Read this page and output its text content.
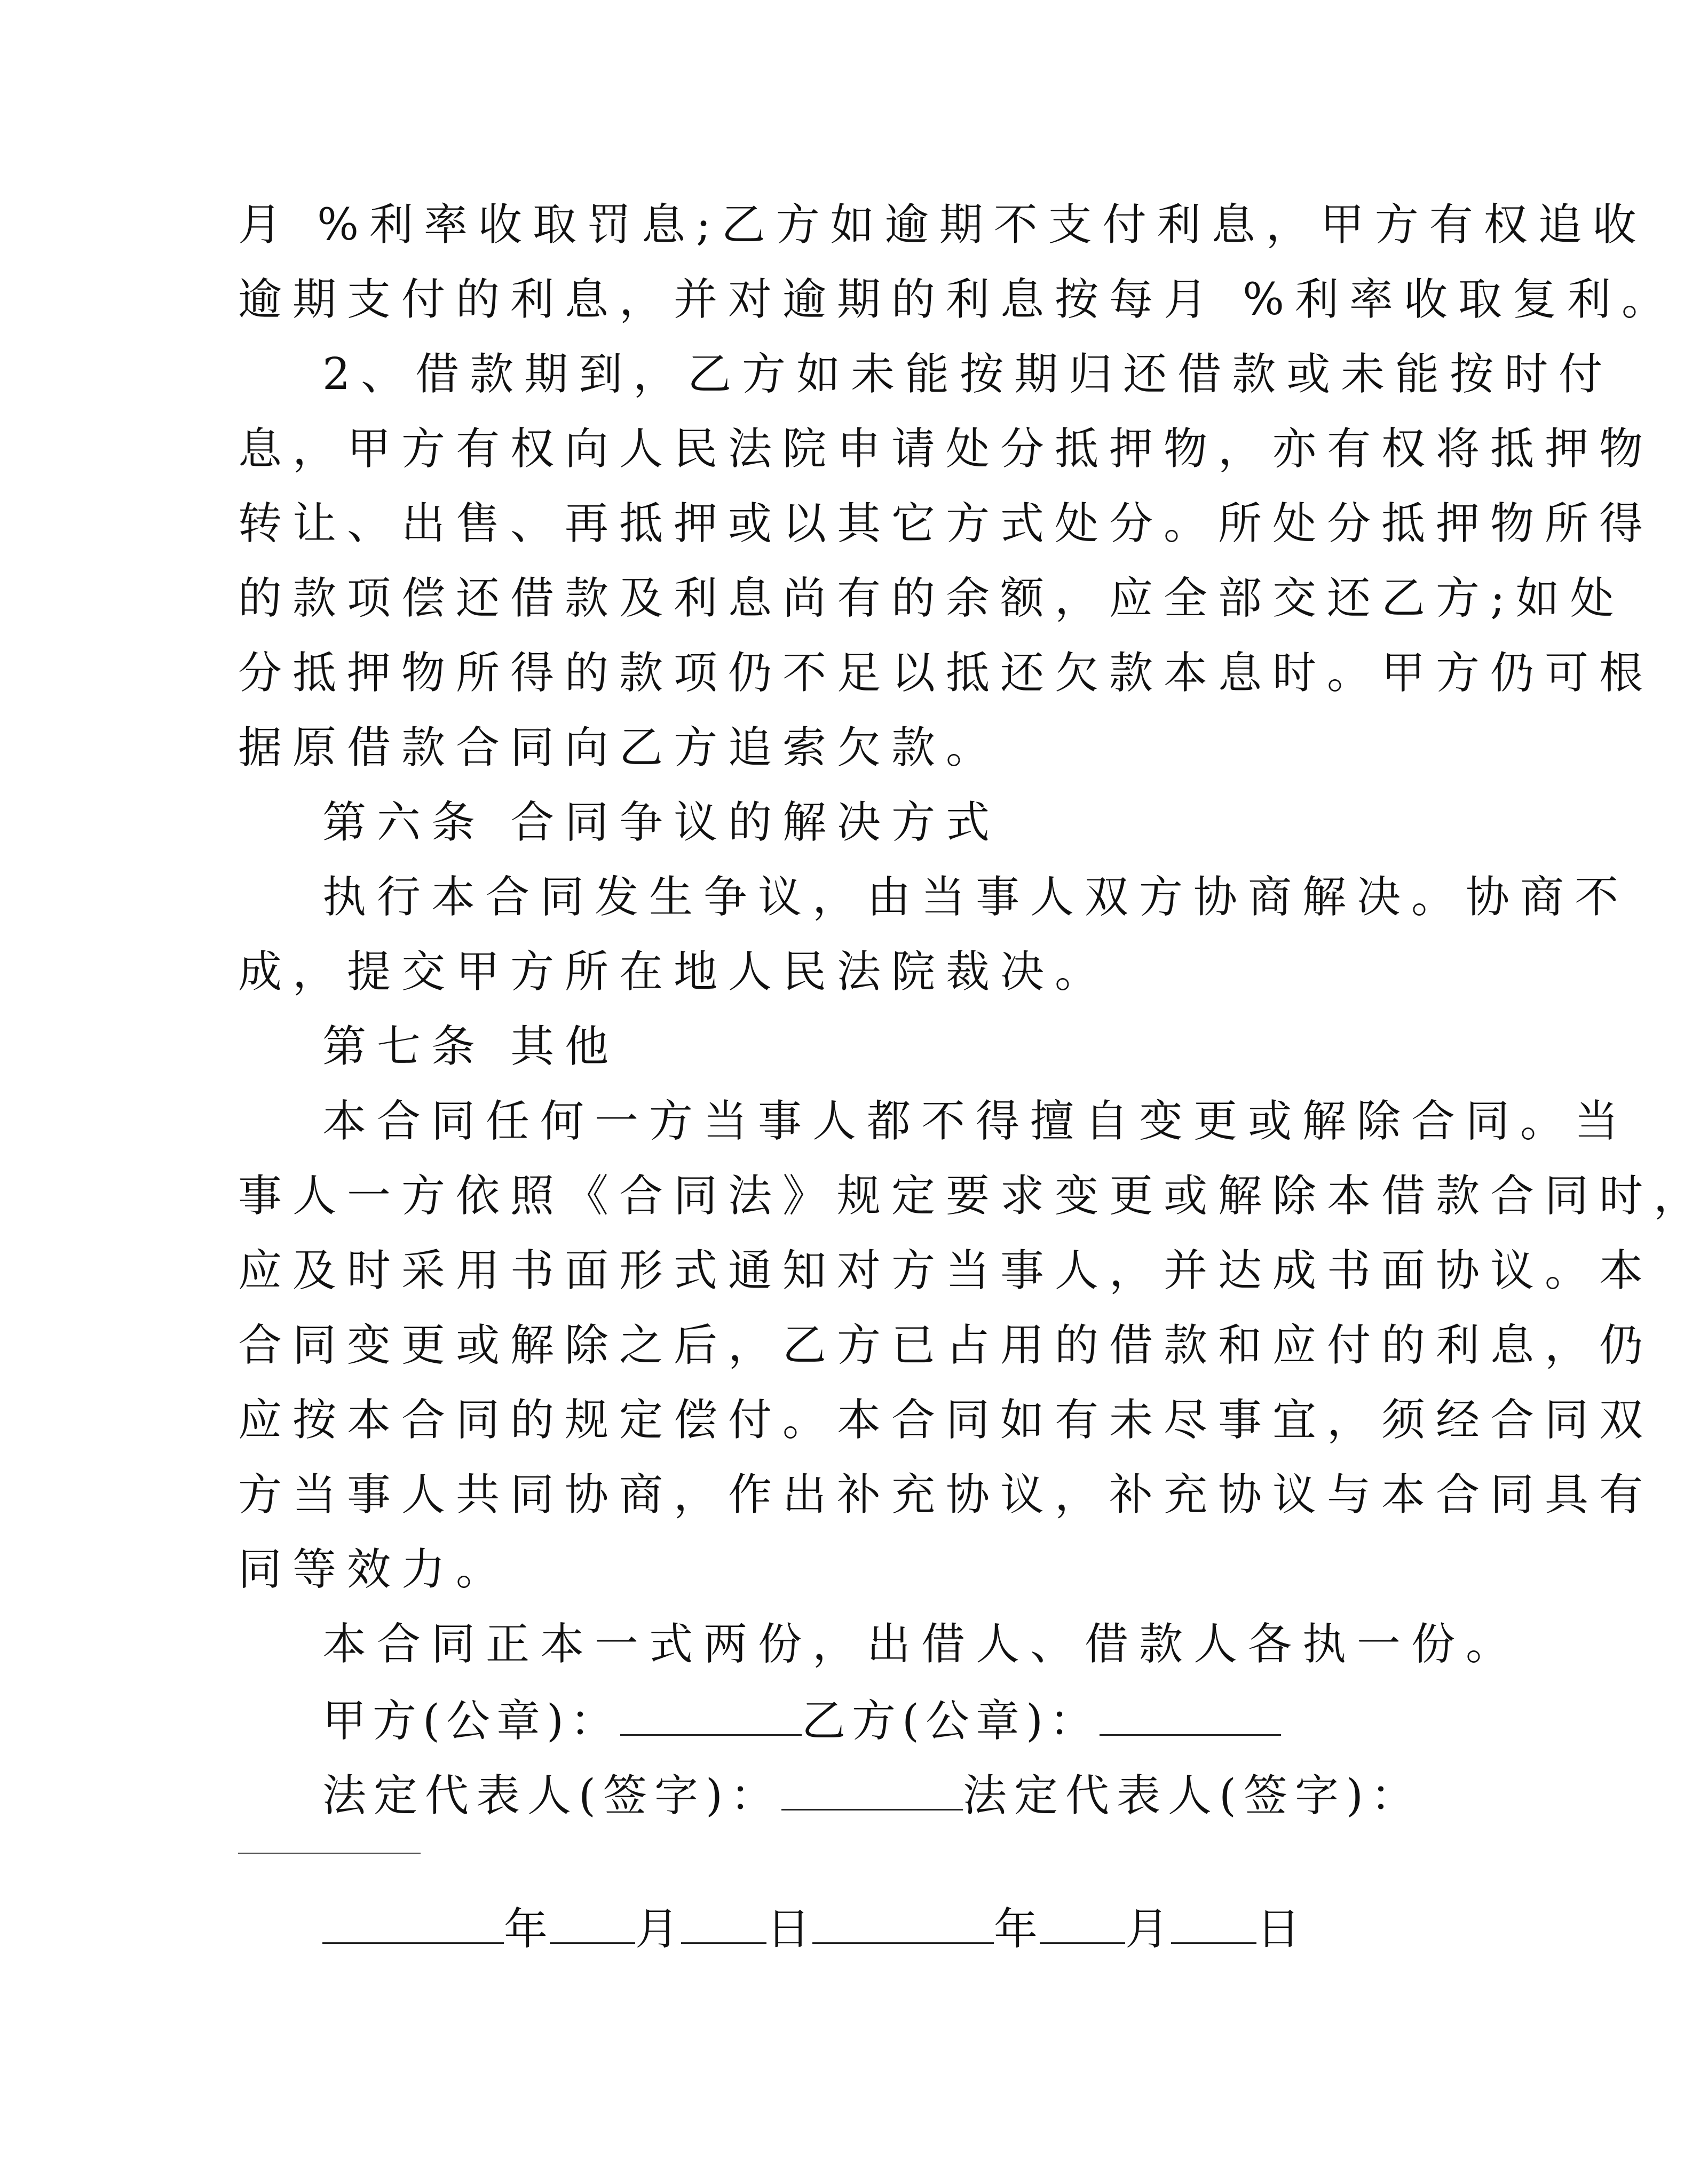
月 %利率收取罚息;乙方如逾期不支付利息，甲方有权追收
逾期支付的利息，并对逾期的利息按每月 %利率收取复利。
2、借款期到，乙方如未能按期归还借款或未能按时付
息，甲方有权向人民法院申请处分抵押物，亦有权将抵押物
转让、出售、再抵押或以其它方式处分。所处分抵押物所得
的款项偿还借款及利息尚有的余额，应全部交还乙方;如处
分抵押物所得的款项仍不足以抵还欠款本息时。甲方仍可根
据原借款合同向乙方追索欠款。
第六条 合同争议的解决方式
执行本合同发生争议，由当事人双方协商解决。协商不
成，提交甲方所在地人民法院裁决。
第七条 其他
本合同任何一方当事人都不得擅自变更或解除合同。当
事人一方依照《合同法》规定要求变更或解除本借款合同时，
应及时采用书面形式通知对方当事人，并达成书面协议。本
合同变更或解除之后，乙方已占用的借款和应付的利息，仍
应按本合同的规定偿付。本合同如有未尽事宜，须经合同双
方当事人共同协商，作出补充协议，补充协议与本合同具有
同等效力。
本合同正本一式两份，出借人、借款人各执一份。
甲方(公章)：	乙方(公章)：
法定代表人(签字)：	法定代表人(签字)：
年 月 日	年 月 日
